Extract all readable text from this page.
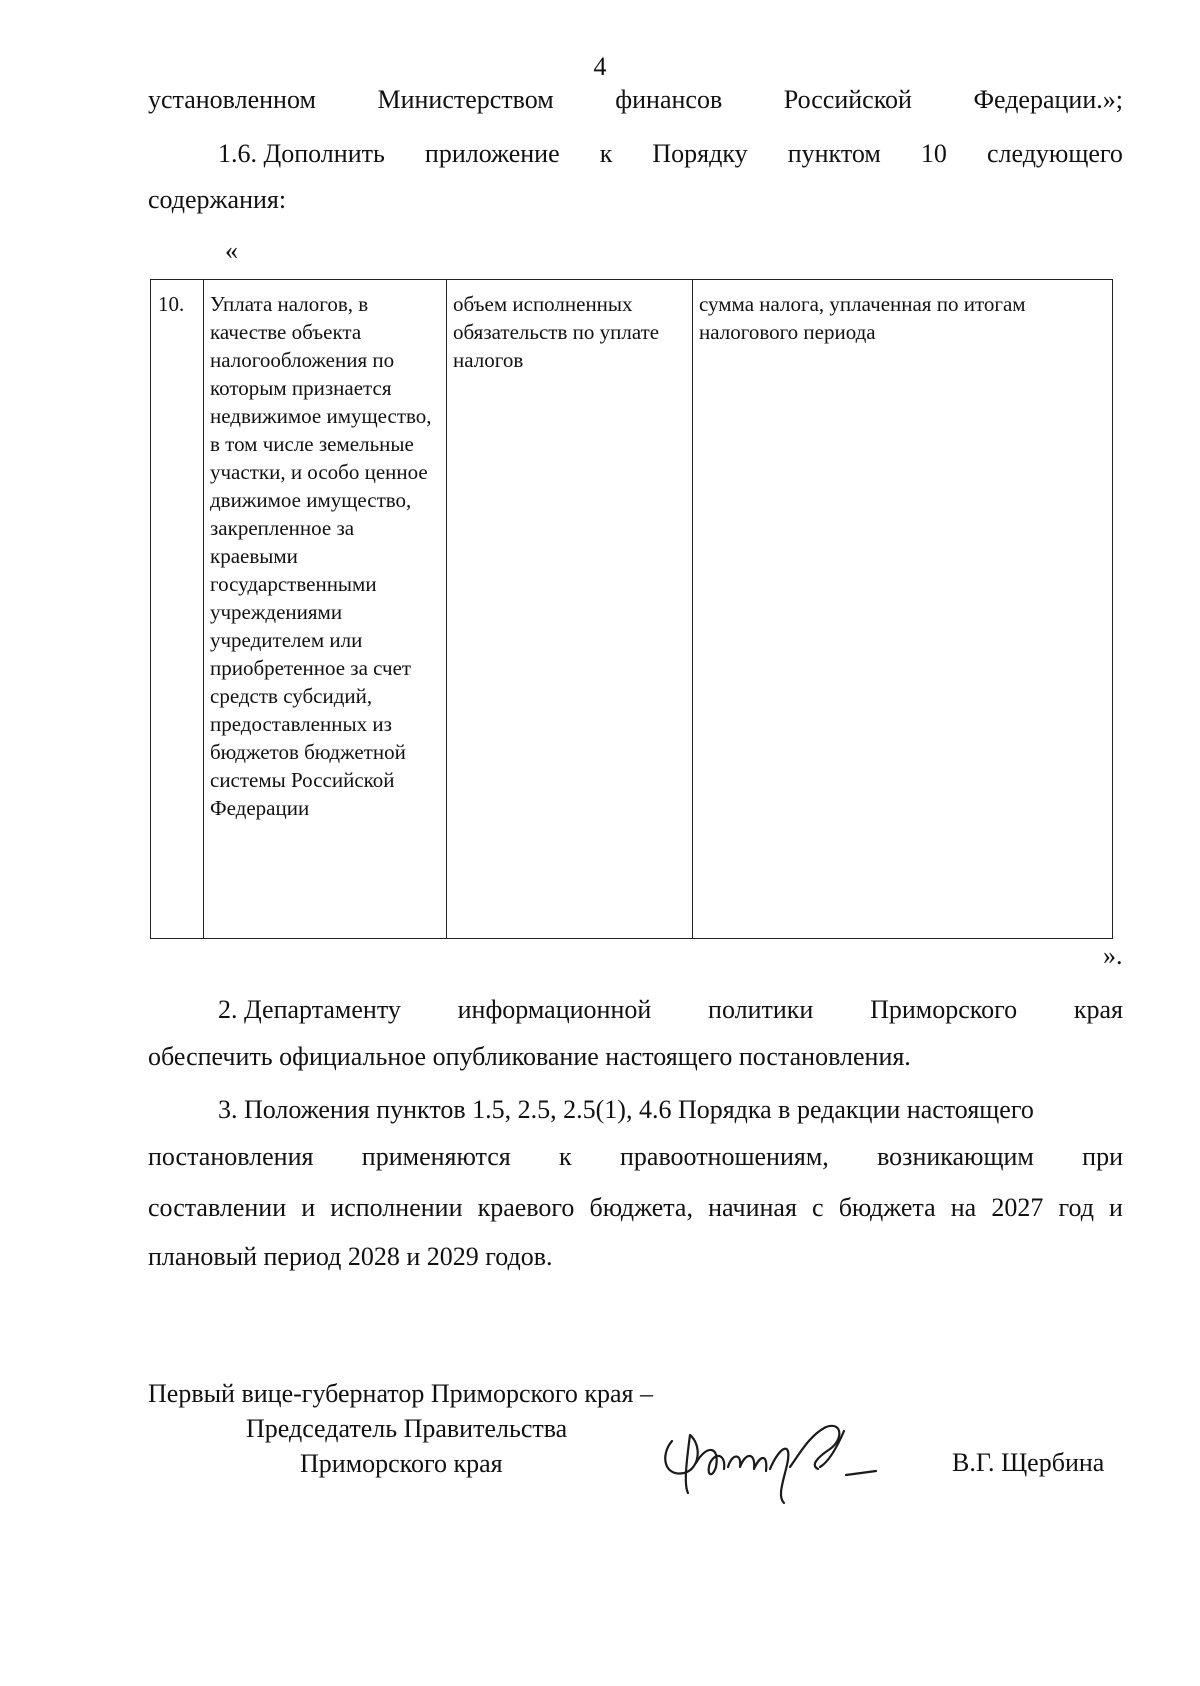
4
установленном Министерством финансов Российской Федерации.»;
1.6. Дополнить приложение к Порядку пунктом 10 следующего
содержания:
«
10.	Уплата налогов, в качестве объекта налогообложения по которым признается недвижимое имущество, в том числе земельные участки, и особо ценное движимое имущество, закрепленное за краевыми государственными учреждениями учредителем или приобретенное за счет средств субсидий, предоставленных из бюджетов бюджетной системы Российской Федерации	объем исполненных обязательств по уплате налогов	сумма налога, уплаченная по итогам налогового периода
».
2. Департаменту информационной политики Приморского края
обеспечить официальное опубликование настоящего постановления.
3. Положения пунктов 1.5, 2.5, 2.5(1), 4.6 Порядка в редакции настоящего
постановления применяются к правоотношениям, возникающим при
составлении и исполнении краевого бюджета, начиная с бюджета на 2027 год и
плановый период 2028 и 2029 годов.
Первый вице-губернатор Приморского края –
Председатель Правительства
Приморского края	В.Г. Щербина
